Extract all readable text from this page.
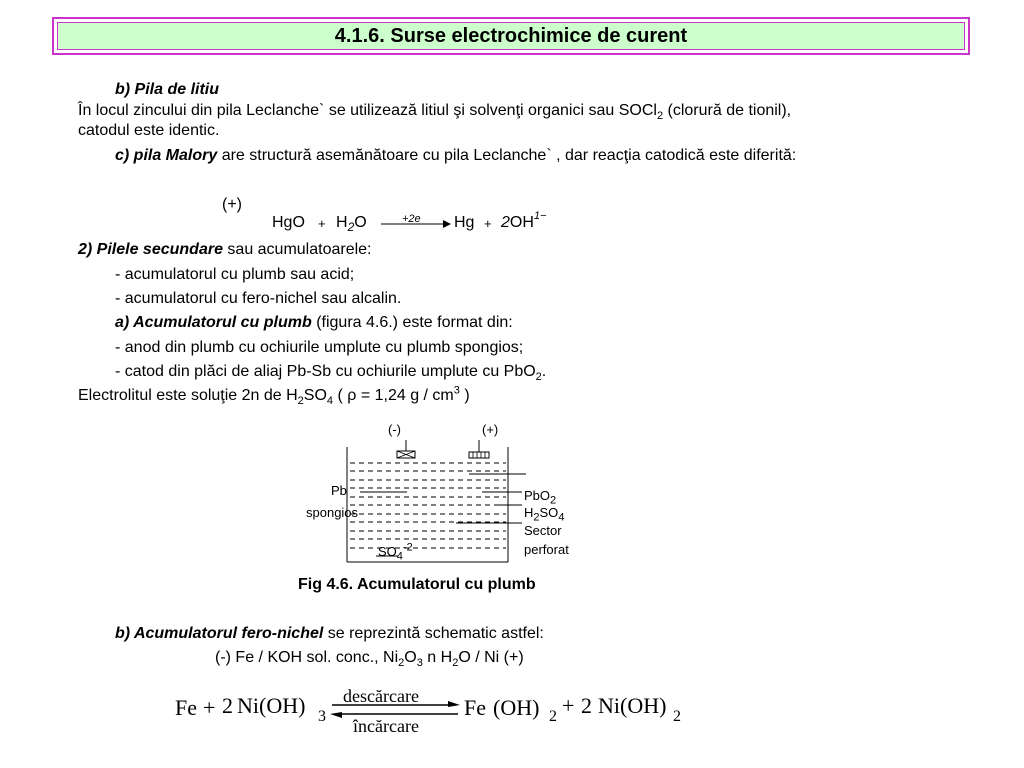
4.1.6. Surse electrochimice de curent
b) Pila de litiu
În locul zincului din pila Leclanche` se utilizează litiul şi solvenţi organici sau SOCl$_2$ (clorură de tionil),
catodul este identic.
c) pila Malory are structură asemănătoare cu pila Leclanche` , dar reacţia catodică este diferită:
(+)
HgO + $H_2O$	+2e $Hg + 2OH^{1-}$
2) Pilele secundare sau acumulatoarele:
- acumulatorul cu plumb sau acid;
- acumulatorul cu fero-nichel sau alcalin.
a) Acumulatorul cu plumb (figura 4.6.) este format din:
- anod din plumb cu ochiurile umplute cu plumb spongios;
- catod din plăci de aliaj Pb-Sb cu ochiurile umplute cu PbO$_2$.
Electrolitul este soluţie 2n de $H_2SO_4$ ( ρ = 1,24 g / $cm^3$ )
(-)	(+)
Pb
spongios
$SO_4^{-2}$
PbO$_2$
$H_2SO_4$
Sector
perforat
Fig 4.6. Acumulatorul cu plumb
b) Acumulatorul fero-nichel se reprezintă schematic astfel:
(-) Fe / KOH sol. conc., $Ni_2O_3$ n $H_2O$ / Ni (+)
Fe + 2 Ni(OH) 3
descărcare
încărcare
Fe (OH) 2 + 2 Ni(OH) 2
